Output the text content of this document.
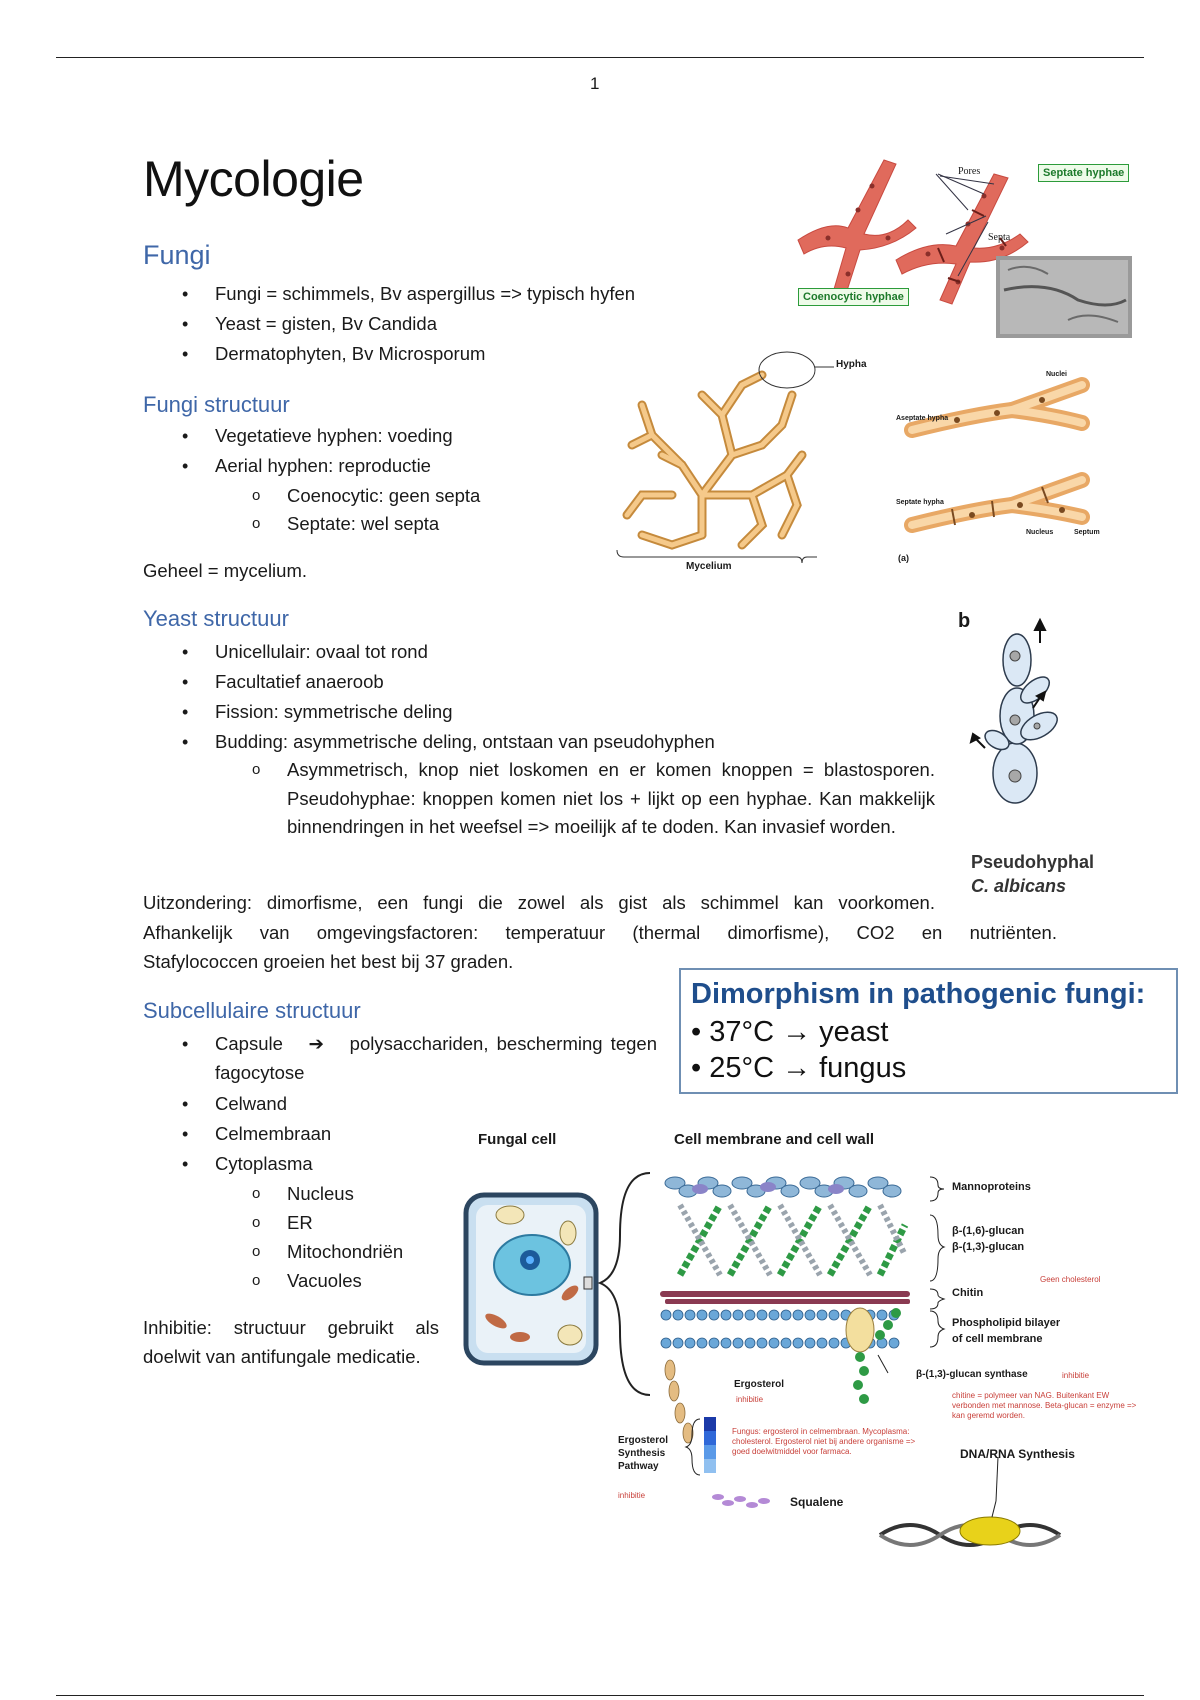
1
Mycologie
Fungi
• Fungi = schimmels, Bv aspergillus => typisch hyfen
• Yeast = gisten, Bv Candida
• Dermatophyten, Bv Microsporum
Fungi structuur
• Vegetatieve hyphen: voeding
• Aerial hyphen: reproductie
o Coenocytic: geen septa
o Septate: wel septa
Geheel = mycelium.
Yeast structuur
• Unicellulair: ovaal tot rond
• Facultatief anaeroob
• Fission: symmetrische deling
• Budding: asymmetrische deling, ontstaan van pseudohyphen
o Asymmetrisch, knop niet loskomen en er komen knoppen = blastosporen. Pseudohyphae: knoppen komen niet los + lijkt op een hyphae. Kan makkelijk binnendringen in het weefsel => moeilijk af te doden. Kan invasief worden.
Uitzondering: dimorfisme, een fungi die zowel als gist als schimmel kan voorkomen.
Afhankelijk van omgevingsfactoren: temperatuur (thermal dimorfisme), CO2 en nutriënten.
Stafylococcen groeien het best bij 37 graden.
Subcellulaire structuur
• Capsule ➔ polysacchariden, bescherming tegen
fagocytose
• Celwand
• Celmembraan
• Cytoplasma
o Nucleus
o ER
o Mitochondriën
o Vacuoles
Inhibitie: structuur gebruikt als doelwit van antifungale medicatie.
Pores
Septa
Septate hyphae
Coenocytic hyphae
Hypha
Mycelium
Nuclei
Aseptate hypha
Septate hypha
Nucleus	Septum
(a)
b
Pseudohyphal
C. albicans
Dimorphism in pathogenic fungi:
• 37°C → yeast
• 25°C → fungus
Fungal cell	Cell membrane and cell wall
Mannoproteins
β-(1,6)-glucan
β-(1,3)-glucan
Chitin
Geen cholesterol
Phospholipid bilayer
of cell membrane
β-(1,3)-glucan synthase	inhibitie
chitine = polymeer van NAG. Buitenkant EW verbonden met mannose. Beta-glucan = enzyme => kan geremd worden.
Ergosterol
inhibitie
Fungus: ergosterol in celmembraan. Mycoplasma: cholesterol. Ergosterol niet bij andere organisme => goed doelwitmiddel voor farmaca.
Ergosterol
Synthesis
Pathway
inhibitie	Squalene
DNA/RNA Synthesis
